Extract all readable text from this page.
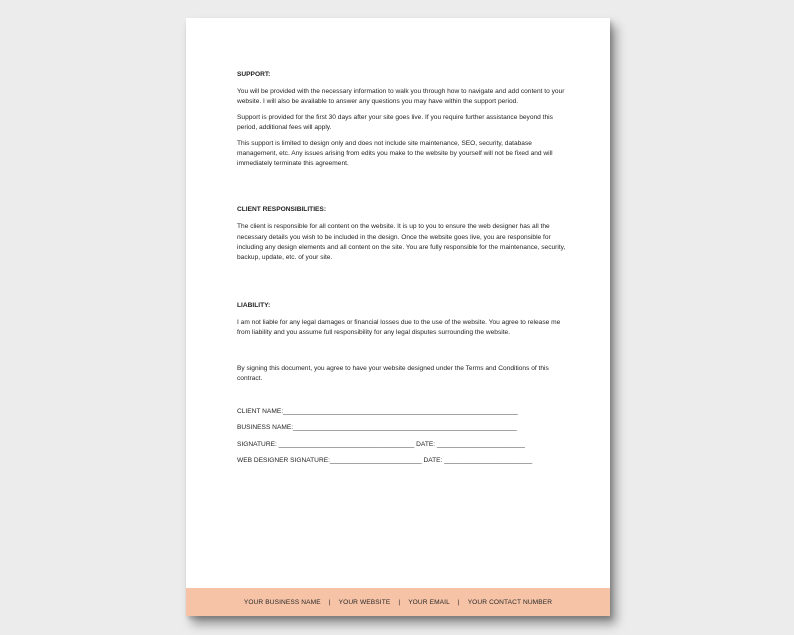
SUPPORT:
You will be provided with the necessary information to walk you through how to navigate and add content to your website. I will also be available to answer any questions you may have within the support period.
Support is provided for the first 30 days after your site goes live. If you require further assistance beyond this period, additional fees will apply.
This support is limited to design only and does not include site maintenance, SEO, security, database management, etc. Any issues arising from edits you make to the website by yourself will not be fixed and will immediately terminate this agreement.
CLIENT RESPONSIBILITIES:
The client is responsible for all content on the website. It is up to you to ensure the web designer has all the necessary details you wish to be included in the design. Once the website goes live, you are responsible for including any design elements and all content on the site. You are fully responsible for the maintenance, security, backup, update, etc. of your site.
LIABILITY:
I am not liable for any legal damages or financial losses due to the use of the website. You agree to release me from liability and you assume full responsibility for any legal disputes surrounding the website.
By signing this document, you agree to have your website designed under the Terms and Conditions of this contract.
CLIENT NAME:________________________________________________________________
BUSINESS NAME:_____________________________________________________________
SIGNATURE: _____________________________________ DATE: ________________________
WEB DESIGNER SIGNATURE:_________________________ DATE: ________________________
YOUR BUSINESS NAME | YOUR WEBSITE | YOUR EMAIL | YOUR CONTACT NUMBER
